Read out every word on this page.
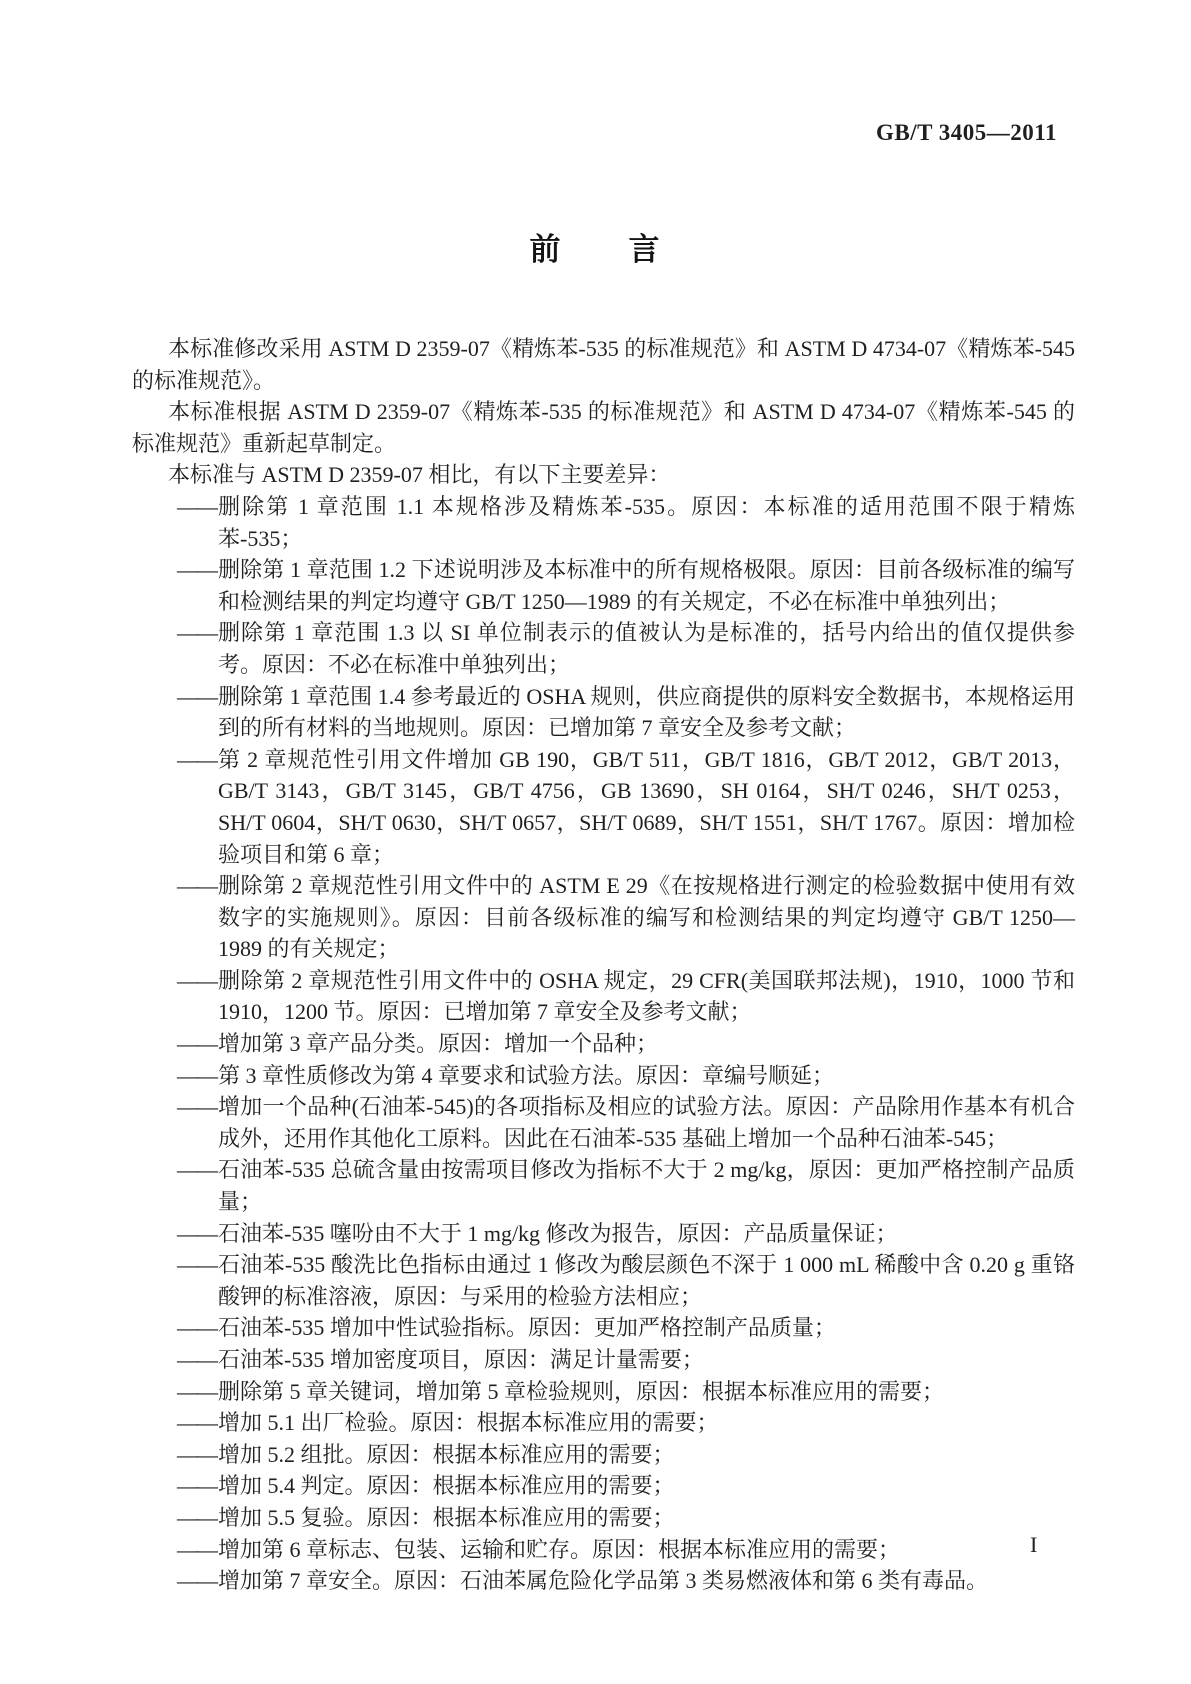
GB/T 3405—2011
前　　言

本标准修改采用 ASTM D 2359-07《精炼苯-535 的标准规范》和 ASTM D 4734-07《精炼苯-545 的标准规范》。

本标准根据 ASTM D 2359-07《精炼苯-535 的标准规范》和 ASTM D 4734-07《精炼苯-545 的标准规范》重新起草制定。

本标准与 ASTM D 2359-07 相比，有以下主要差异：

—— 删除第 1 章范围 1.1 本规格涉及精炼苯-535。原因：本标准的适用范围不限于精炼苯-535；
—— 删除第 1 章范围 1.2 下述说明涉及本标准中的所有规格极限。原因：目前各级标准的编写和检测结果的判定均遵守 GB/T 1250—1989 的有关规定，不必在标准中单独列出；
—— 删除第 1 章范围 1.3 以 SI 单位制表示的值被认为是标准的，括号内给出的值仅提供参考。原因：不必在标准中单独列出；
—— 删除第 1 章范围 1.4 参考最近的 OSHA 规则，供应商提供的原料安全数据书，本规格运用到的所有材料的当地规则。原因：已增加第 7 章安全及参考文献；
—— 第 2 章规范性引用文件增加 GB 190，GB/T 511，GB/T 1816，GB/T 2012，GB/T 2013，GB/T 3143，GB/T 3145，GB/T 4756，GB 13690，SH 0164，SH/T 0246，SH/T 0253，SH/T 0604，SH/T 0630，SH/T 0657，SH/T 0689，SH/T 1551，SH/T 1767。原因：增加检验项目和第 6 章；
—— 删除第 2 章规范性引用文件中的 ASTM E 29《在按规格进行测定的检验数据中使用有效数字的实施规则》。原因：目前各级标准的编写和检测结果的判定均遵守 GB/T 1250—1989 的有关规定；
—— 删除第 2 章规范性引用文件中的 OSHA 规定，29 CFR(美国联邦法规)，1910，1000 节和 1910，1200 节。原因：已增加第 7 章安全及参考文献；
—— 增加第 3 章产品分类。原因：增加一个品种；
—— 第 3 章性质修改为第 4 章要求和试验方法。原因：章编号顺延；
—— 增加一个品种(石油苯-545)的各项指标及相应的试验方法。原因：产品除用作基本有机合成外，还用作其他化工原料。因此在石油苯-535 基础上增加一个品种石油苯-545；
—— 石油苯-535 总硫含量由按需项目修改为指标不大于 2 mg/kg，原因：更加严格控制产品质量；
—— 石油苯-535 噻吩由不大于 1 mg/kg 修改为报告，原因：产品质量保证；
—— 石油苯-535 酸洗比色指标由通过 1 修改为酸层颜色不深于 1 000 mL 稀酸中含 0.20 g 重铬酸钾的标准溶液，原因：与采用的检验方法相应；
—— 石油苯-535 增加中性试验指标。原因：更加严格控制产品质量；
—— 石油苯-535 增加密度项目，原因：满足计量需要；
—— 删除第 5 章关键词，增加第 5 章检验规则，原因：根据本标准应用的需要；
—— 增加 5.1 出厂检验。原因：根据本标准应用的需要；
—— 增加 5.2 组批。原因：根据本标准应用的需要；
—— 增加 5.4 判定。原因：根据本标准应用的需要；
—— 增加 5.5 复验。原因：根据本标准应用的需要；
—— 增加第 6 章标志、包装、运输和贮存。原因：根据本标准应用的需要；
—— 增加第 7 章安全。原因：石油苯属危险化学品第 3 类易燃液体和第 6 类有毒品。
I
